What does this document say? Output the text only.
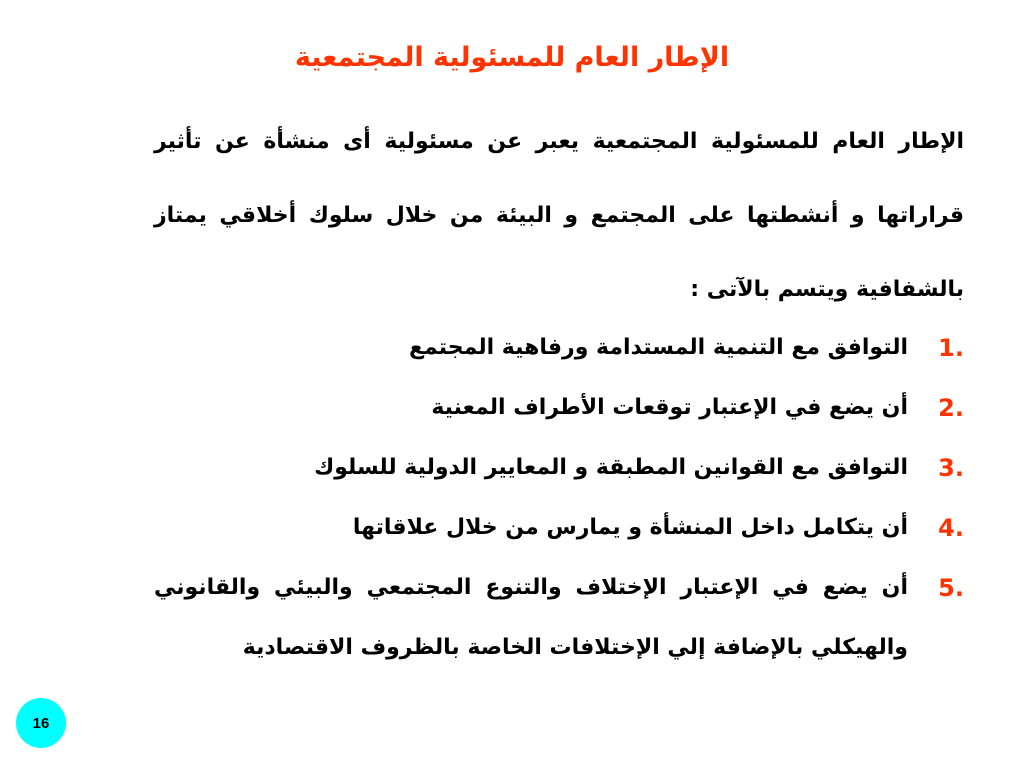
الإطار العام للمسئولية المجتمعية
الإطار العام للمسئولية المجتمعية يعبر عن مسئولية أى منشأة عن تأثير قراراتها و أنشطتها على المجتمع و البيئة من خلال سلوك أخلاقي يمتاز بالشفافية ويتسم بالآتى :
1.
التوافق مع التنمية المستدامة ورفاهية المجتمع
2.
أن يضع في الإعتبار توقعات الأطراف المعنية
3.
التوافق مع القوانين المطبقة و المعايير الدولية للسلوك
4.
أن يتكامل داخل المنشأة و يمارس من خلال علاقاتها
5.
أن يضع في الإعتبار الإختلاف والتنوع المجتمعي والبيئي والقانوني والهيكلي بالإضافة إلي الإختلافات الخاصة بالظروف الاقتصادية
16
